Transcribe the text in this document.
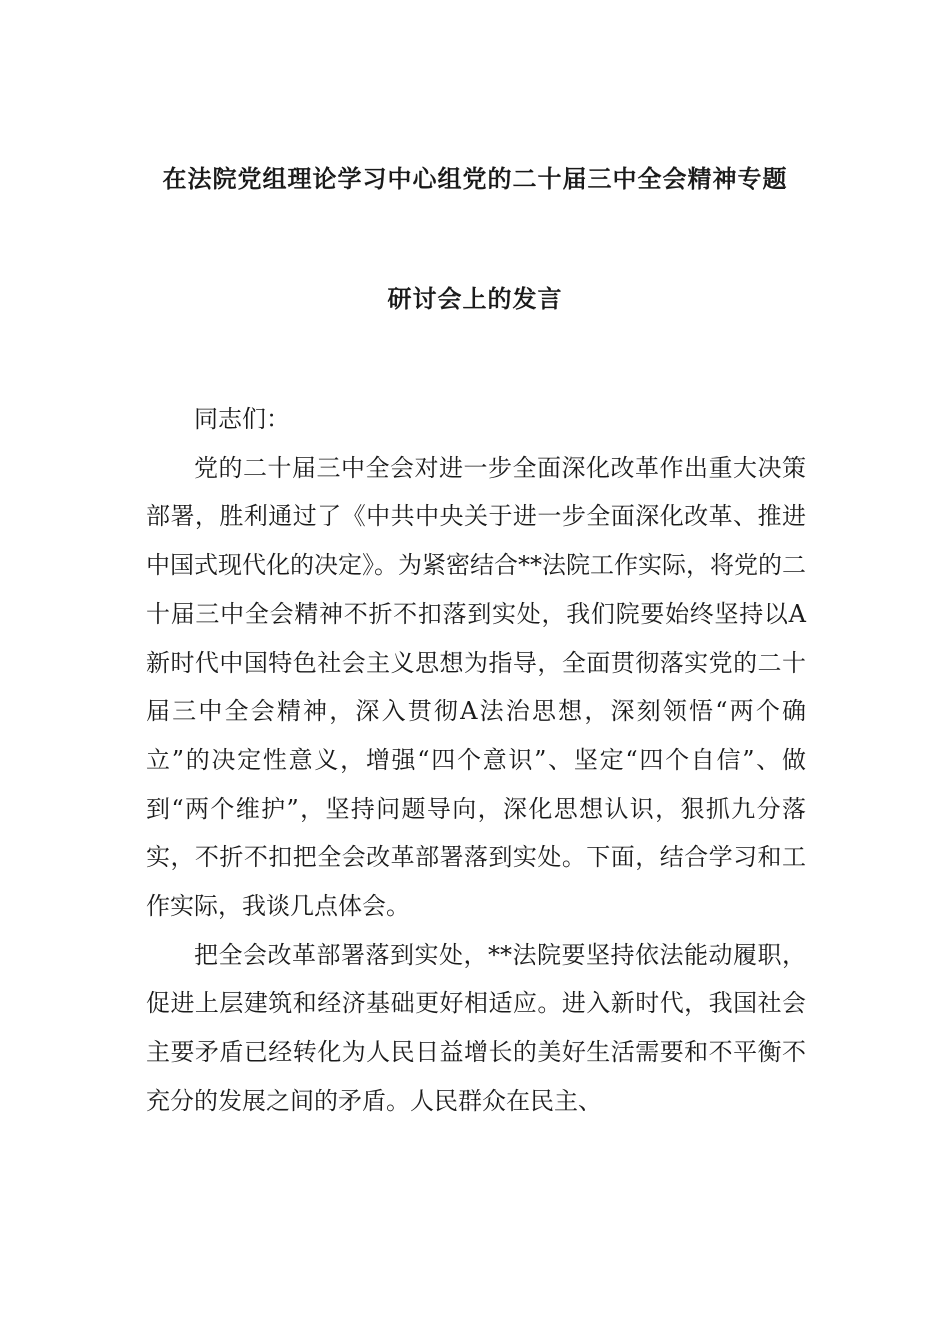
在法院党组理论学习中心组党的二十届三中全会精神专题
研讨会上的发言

同志们：

党的二十届三中全会对进一步全面深化改革作出重大决策部署，胜利通过了《中共中央关于进一步全面深化改革、推进中国式现代化的决定》。为紧密结合**法院工作实际，将党的二十届三中全会精神不折不扣落到实处，我们院要始终坚持以A新时代中国特色社会主义思想为指导，全面贯彻落实党的二十届三中全会精神，深入贯彻A法治思想，深刻领悟“两个确立”的决定性意义，增强“四个意识”、坚定“四个自信”、做到“两个维护”，坚持问题导向，深化思想认识，狠抓九分落实，不折不扣把全会改革部署落到实处。下面，结合学习和工作实际，我谈几点体会。

把全会改革部署落到实处，**法院要坚持依法能动履职，促进上层建筑和经济基础更好相适应。进入新时代，我国社会主要矛盾已经转化为人民日益增长的美好生活需要和不平衡不充分的发展之间的矛盾。人民群众在民主、
